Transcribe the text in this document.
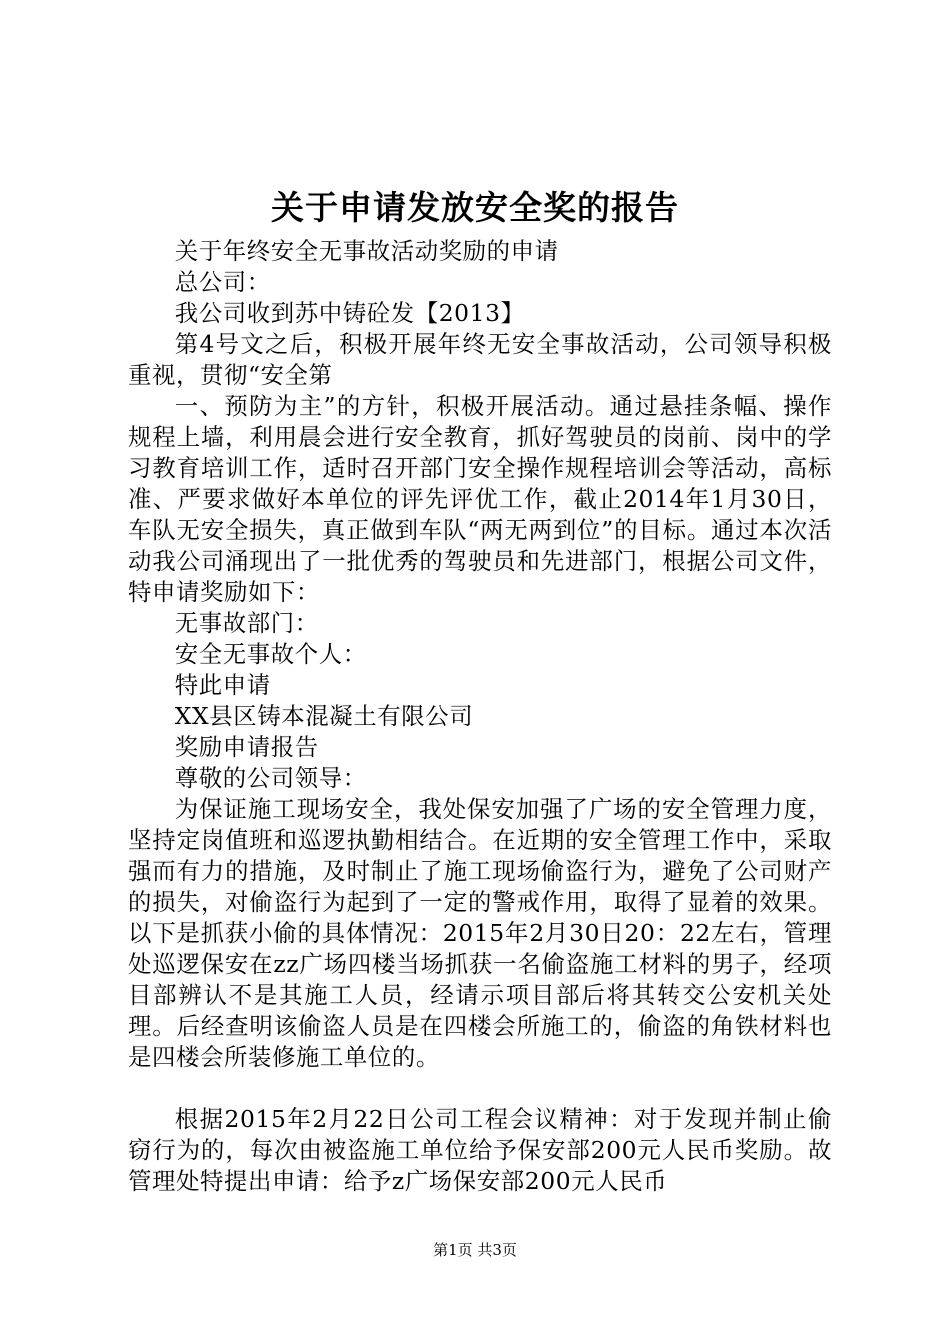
关于申请发放安全奖的报告

关于年终安全无事故活动奖励的申请

总公司：

我公司收到苏中铸砼发【2013】

第4号文之后，积极开展年终无安全事故活动，公司领导积极重视，贯彻“安全第

一、预防为主”的方针，积极开展活动。通过悬挂条幅、操作规程上墙，利用晨会进行安全教育，抓好驾驶员的岗前、岗中的学习教育培训工作，适时召开部门安全操作规程培训会等活动，高标准、严要求做好本单位的评先评优工作，截止2014年1月30日，车队无安全损失，真正做到车队“两无两到位”的目标。通过本次活动我公司涌现出了一批优秀的驾驶员和先进部门，根据公司文件，特申请奖励如下：

无事故部门：

安全无事故个人：

特此申请

XX县区铸本混凝土有限公司

奖励申请报告

尊敬的公司领导：

为保证施工现场安全，我处保安加强了广场的安全管理力度，坚持定岗值班和巡逻执勤相结合。在近期的安全管理工作中，采取强而有力的措施，及时制止了施工现场偷盗行为，避免了公司财产的损失，对偷盗行为起到了一定的警戒作用，取得了显着的效果。以下是抓获小偷的具体情况：2015年2月30日20：22左右，管理处巡逻保安在zz广场四楼当场抓获一名偷盗施工材料的男子，经项目部辨认不是其施工人员，经请示项目部后将其转交公安机关处理。后经查明该偷盗人员是在四楼会所施工的，偷盗的角铁材料也是四楼会所装修施工单位的。

根据2015年2月22日公司工程会议精神：对于发现并制止偷窃行为的，每次由被盗施工单位给予保安部200元人民币奖励。故管理处特提出申请：给予z广场保安部200元人民币

第1页 共3页
